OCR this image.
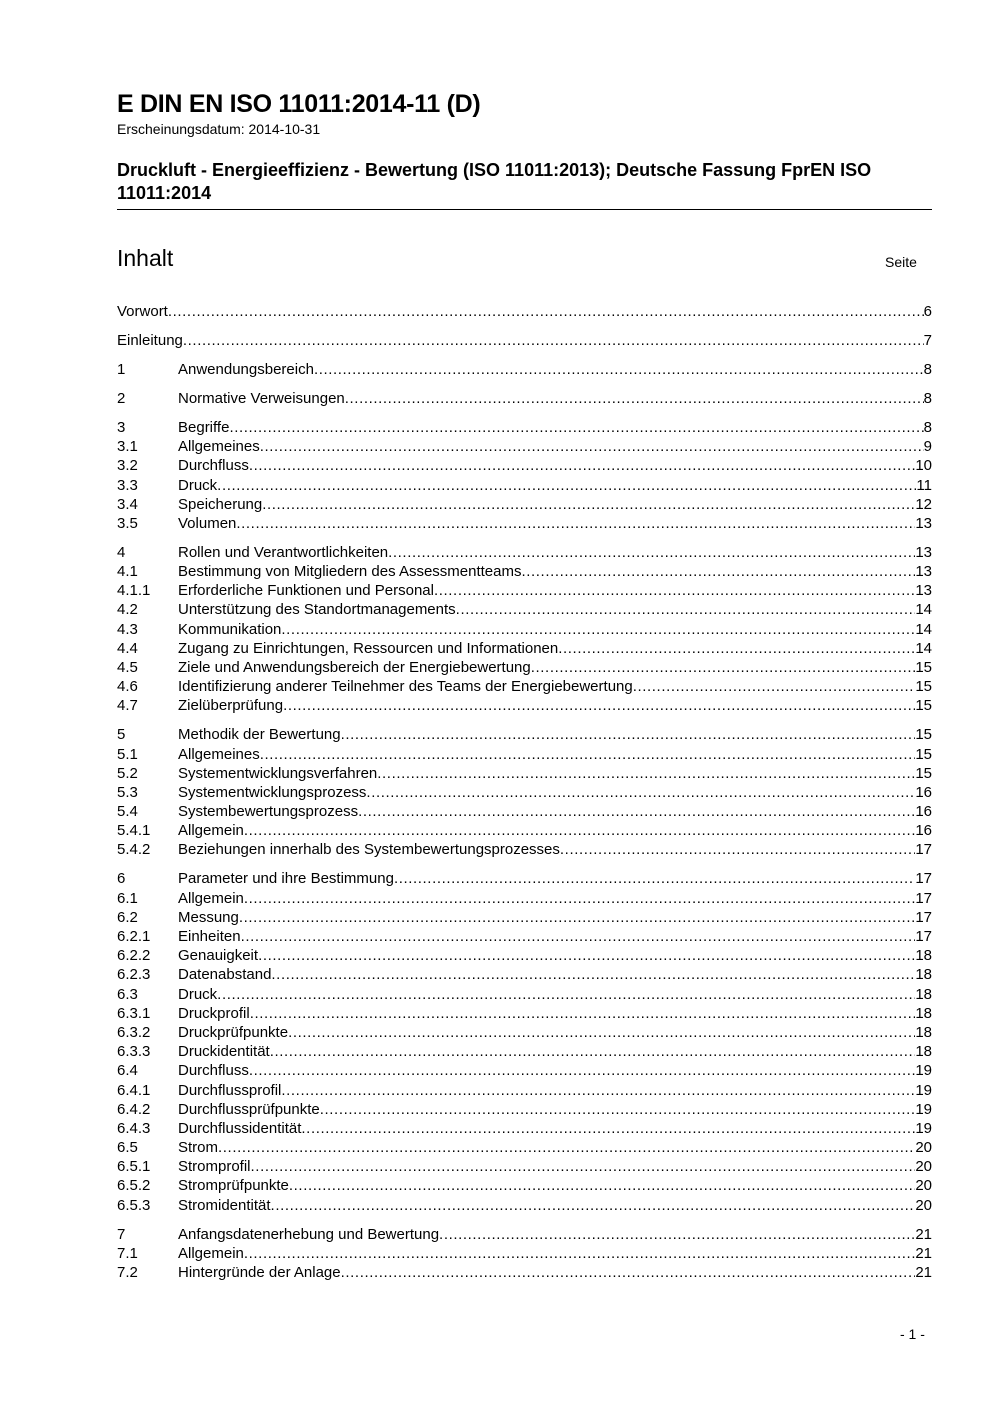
E DIN EN ISO 11011:2014-11 (D)
Erscheinungsdatum: 2014-10-31
Druckluft - Energieeffizienz - Bewertung (ISO 11011:2013); Deutsche Fassung FprEN ISO 11011:2014
Inhalt	Seite
Vorwort .....	6
Einleitung .....	7
1	Anwendungsbereich .....	8
2	Normative Verweisungen .....	8
3	Begriffe .....	8
3.1	Allgemeines .....	9
3.2	Durchfluss .....	10
3.3	Druck .....	11
3.4	Speicherung .....	12
3.5	Volumen .....	13
4	Rollen und Verantwortlichkeiten .....	13
4.1	Bestimmung von Mitgliedern des Assessmentteams .....	13
4.1.1	Erforderliche Funktionen und Personal .....	13
4.2	Unterstützung des Standortmanagements .....	14
4.3	Kommunikation .....	14
4.4	Zugang zu Einrichtungen, Ressourcen und Informationen .....	14
4.5	Ziele und Anwendungsbereich der Energiebewertung .....	15
4.6	Identifizierung anderer Teilnehmer des Teams der Energiebewertung .....	15
4.7	Zielüberprüfung .....	15
5	Methodik der Bewertung .....	15
5.1	Allgemeines .....	15
5.2	Systementwicklungsverfahren .....	15
5.3	Systementwicklungsprozess .....	16
5.4	Systembewertungsprozess .....	16
5.4.1	Allgemein .....	16
5.4.2	Beziehungen innerhalb des Systembewertungsprozesses .....	17
6	Parameter und ihre Bestimmung .....	17
6.1	Allgemein .....	17
6.2	Messung .....	17
6.2.1	Einheiten .....	17
6.2.2	Genauigkeit .....	18
6.2.3	Datenabstand .....	18
6.3	Druck .....	18
6.3.1	Druckprofil .....	18
6.3.2	Druckprüfpunkte .....	18
6.3.3	Druckidentität .....	18
6.4	Durchfluss .....	19
6.4.1	Durchflussprofil .....	19
6.4.2	Durchflussprüfpunkte .....	19
6.4.3	Durchflussidentität .....	19
6.5	Strom .....	20
6.5.1	Stromprofil .....	20
6.5.2	Stromprüfpunkte .....	20
6.5.3	Stromidentität .....	20
7	Anfangsdatenerhebung und Bewertung .....	21
7.1	Allgemein .....	21
7.2	Hintergründe der Anlage .....	21
- 1 -
